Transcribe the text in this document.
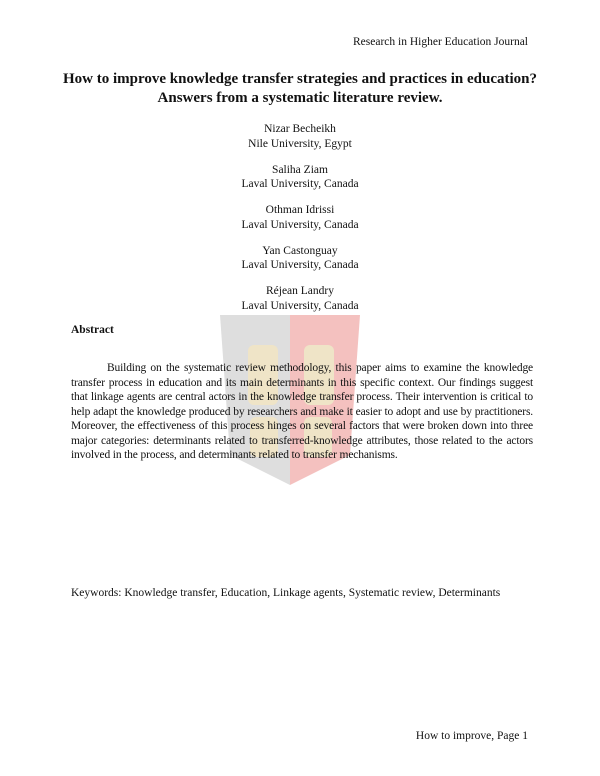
Research in Higher Education Journal
How to improve knowledge transfer strategies and practices in education? Answers from a systematic literature review.
Nizar Becheikh
Nile University, Egypt
Saliha Ziam
Laval University, Canada
Othman Idrissi
Laval University, Canada
Yan Castonguay
Laval University, Canada
Réjean Landry
Laval University, Canada
Abstract
Building on the systematic review methodology, this paper aims to examine the knowledge transfer process in education and its main determinants in this specific context. Our findings suggest that linkage agents are central actors in the knowledge transfer process. Their intervention is critical to help adapt the knowledge produced by researchers and make it easier to adopt and use by practitioners. Moreover, the effectiveness of this process hinges on several factors that were broken down into three major categories: determinants related to transferred-knowledge attributes, those related to the actors involved in the process, and determinants related to transfer mechanisms.
Keywords: Knowledge transfer, Education, Linkage agents, Systematic review, Determinants
How to improve, Page 1
